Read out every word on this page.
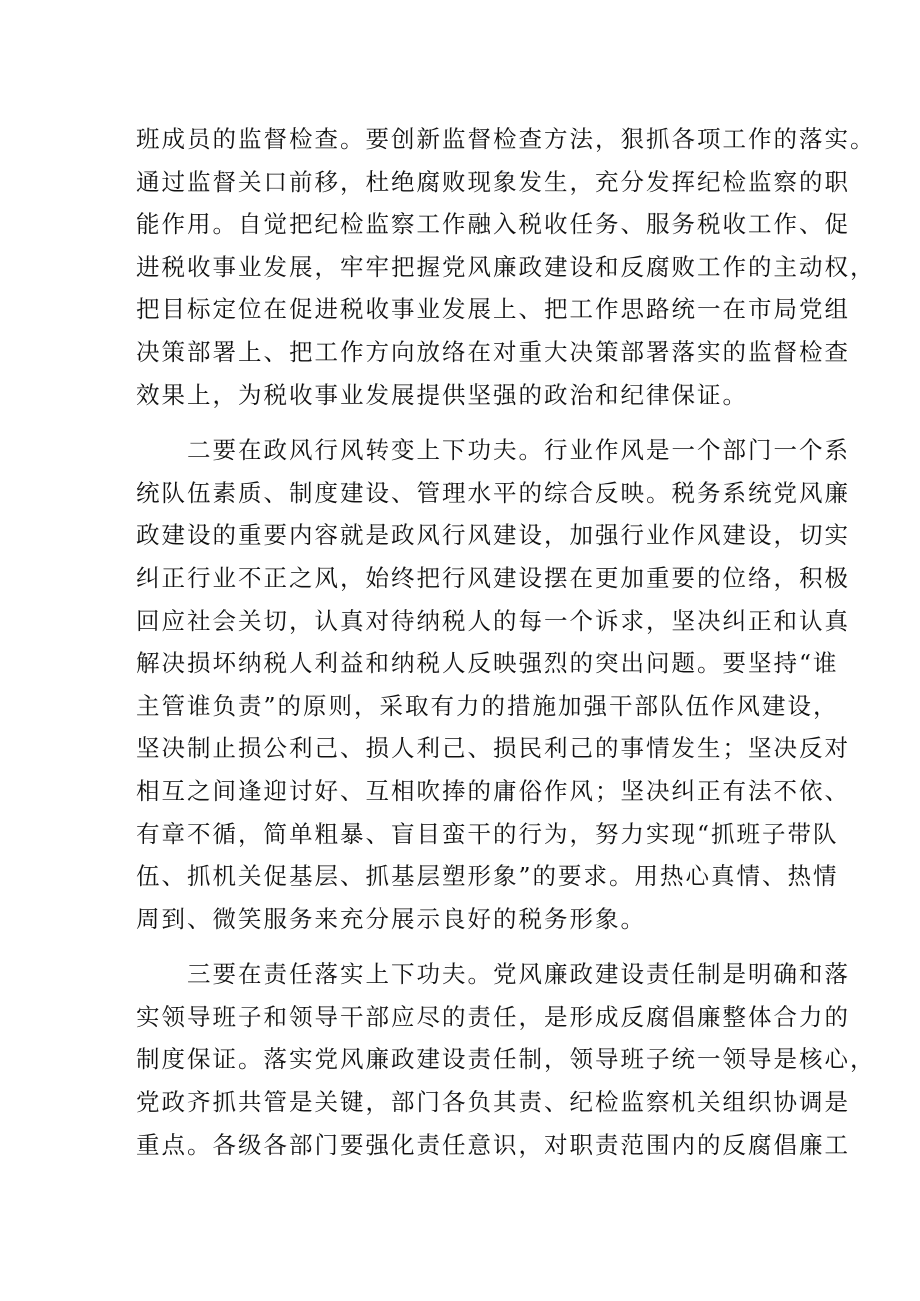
班成员的监督检查。要创新监督检查方法，狠抓各项工作的落实。
通过监督关口前移，杜绝腐败现象发生，充分发挥纪检监察的职
能作用。自觉把纪检监察工作融入税收任务、服务税收工作、促
进税收事业发展，牢牢把握党风廉政建设和反腐败工作的主动权，
把目标定位在促进税收事业发展上、把工作思路统一在市局党组
决策部署上、把工作方向放络在对重大决策部署落实的监督检查
效果上，为税收事业发展提供坚强的政治和纪律保证。
二要在政风行风转变上下功夫。行业作风是一个部门一个系
统队伍素质、制度建设、管理水平的综合反映。税务系统党风廉
政建设的重要内容就是政风行风建设，加强行业作风建设，切实
纠正行业不正之风，始终把行风建设摆在更加重要的位络，积极
回应社会关切，认真对待纳税人的每一个诉求，坚决纠正和认真
解决损坏纳税人利益和纳税人反映强烈的突出问题。要坚持“谁
主管谁负责”的原则，采取有力的措施加强干部队伍作风建设，
坚决制止损公利己、损人利己、损民利己的事情发生；坚决反对
相互之间逢迎讨好、互相吹捧的庸俗作风；坚决纠正有法不依、
有章不循，简单粗暴、盲目蛮干的行为，努力实现“抓班子带队
伍、抓机关促基层、抓基层塑形象”的要求。用热心真情、热情
周到、微笑服务来充分展示良好的税务形象。
三要在责任落实上下功夫。党风廉政建设责任制是明确和落
实领导班子和领导干部应尽的责任，是形成反腐倡廉整体合力的
制度保证。落实党风廉政建设责任制，领导班子统一领导是核心，
党政齐抓共管是关键，部门各负其责、纪检监察机关组织协调是
重点。各级各部门要强化责任意识，对职责范围内的反腐倡廉工
